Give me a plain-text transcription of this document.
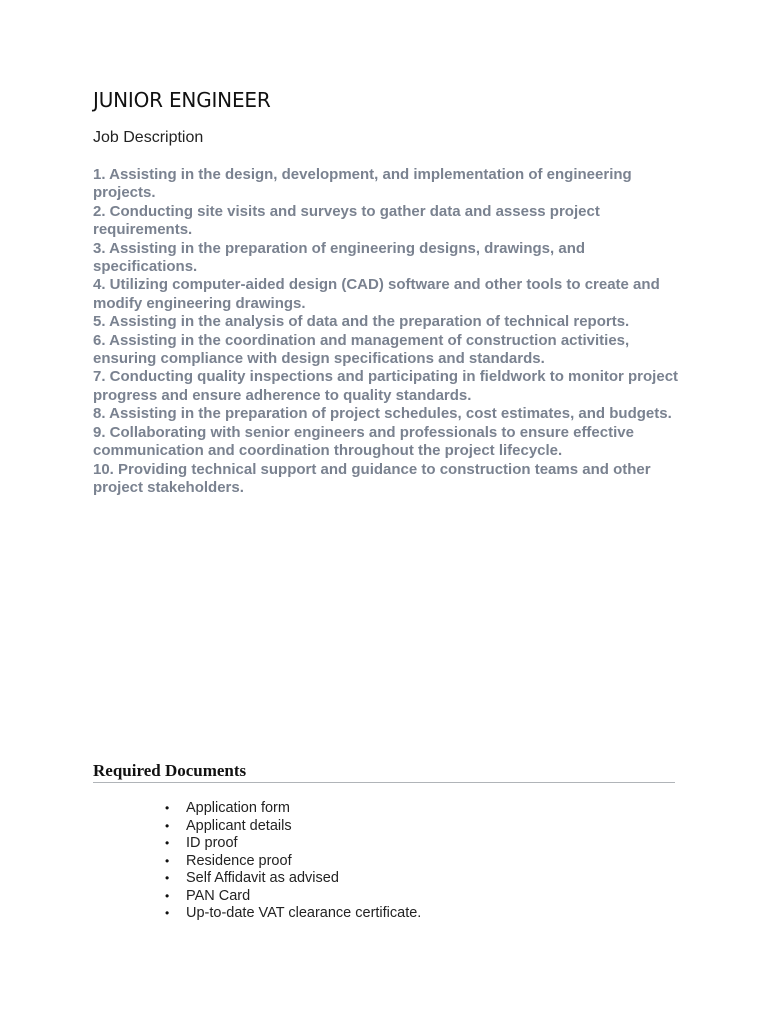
JUNIOR ENGINEER

Job Description

1. Assisting in the design, development, and implementation of engineering projects.
2. Conducting site visits and surveys to gather data and assess project requirements.
3. Assisting in the preparation of engineering designs, drawings, and specifications.
4. Utilizing computer-aided design (CAD) software and other tools to create and modify engineering drawings.
5. Assisting in the analysis of data and the preparation of technical reports.
6. Assisting in the coordination and management of construction activities, ensuring compliance with design specifications and standards.
7. Conducting quality inspections and participating in fieldwork to monitor project progress and ensure adherence to quality standards.
8. Assisting in the preparation of project schedules, cost estimates, and budgets.
9. Collaborating with senior engineers and professionals to ensure effective communication and coordination throughout the project lifecycle.
10. Providing technical support and guidance to construction teams and other project stakeholders.
Required Documents
• Application form
• Applicant details
• ID proof
• Residence proof
• Self Affidavit as advised
• PAN Card
• Up-to-date VAT clearance certificate.
